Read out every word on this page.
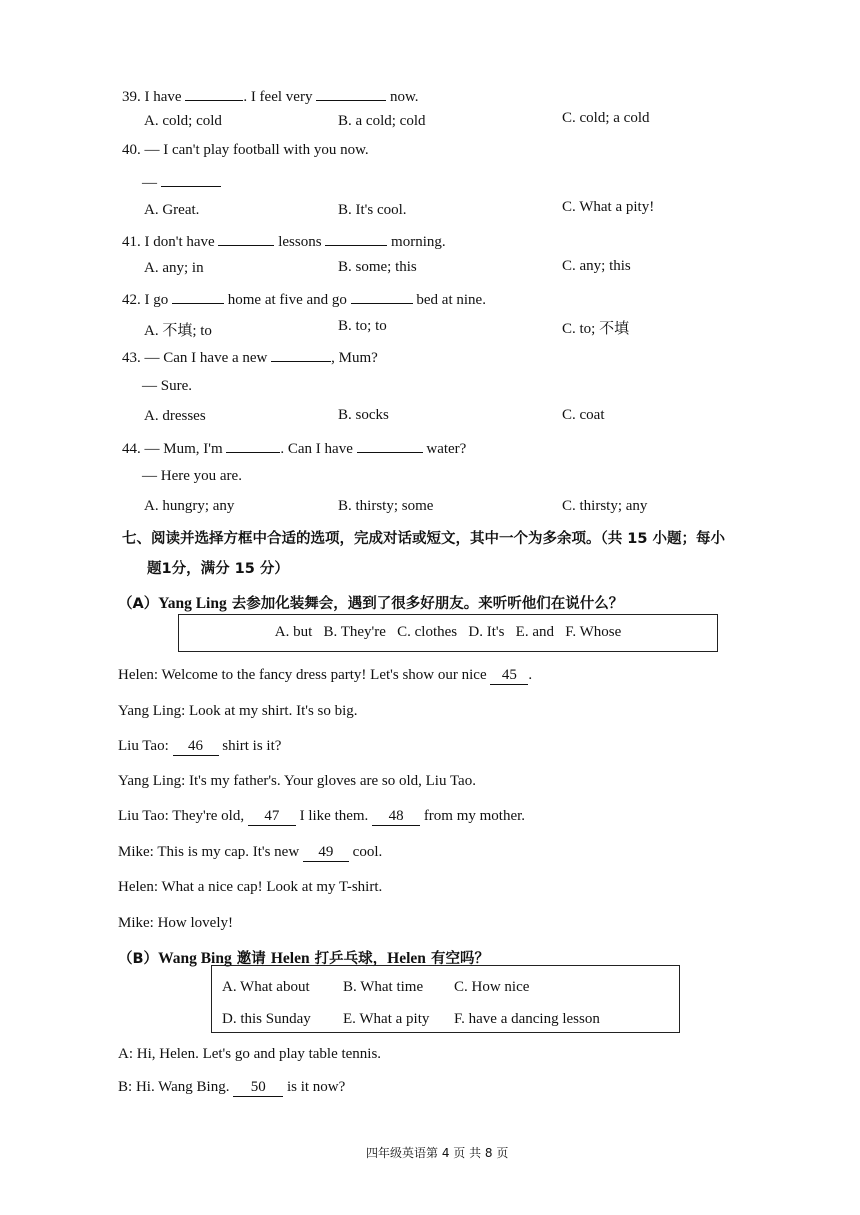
39. I have	. I feel very	now.
A. cold; cold	B. a cold; cold	C. cold; a cold
40. — I can't play football with you now.
—
A. Great.	B. It's cool.	C. What a pity!
41. I don't have	lessons	morning.
A. any; in	B. some; this	C. any; this
42. I go	home at five and go	bed at nine.
A. 不填; to	B. to; to	C. to; 不填
43. — Can I have a new	, Mum?
— Sure.
A. dresses	B. socks	C. coat
44. — Mum, I'm	. Can I have	water?
— Here you are.
A. hungry; any	B. thirsty; some	C. thirsty; any
七、阅读并选择方框中合适的选项，完成对话或短文，其中一个为多余项。（共 15 小题；每小
题1分，满分 15 分）
（A）Yang Ling 去参加化装舞会，遇到了很多好朋友。来听听他们在说什么？
A. but   B. They're   C. clothes   D. It's   E. and   F. Whose
Helen: Welcome to the fancy dress party! Let's show our nice 45 .
Yang Ling: Look at my shirt. It's so big.
Liu Tao: 46 shirt is it?
Yang Ling: It's my father's. Your gloves are so old, Liu Tao.
Liu Tao: They're old, 47 I like them. 48 from my mother.
Mike: This is my cap. It's new 49 cool.
Helen: What a nice cap! Look at my T-shirt.
Mike: How lovely!
（B）Wang Bing 邀请 Helen 打乒乓球，Helen 有空吗？
A. What about B. What time C. How nice
D. this Sunday E. What a pity F. have a dancing lesson
A: Hi, Helen. Let's go and play table tennis.
B: Hi. Wang Bing. 50 is it now?
四年级英语第 4 页 共 8 页
